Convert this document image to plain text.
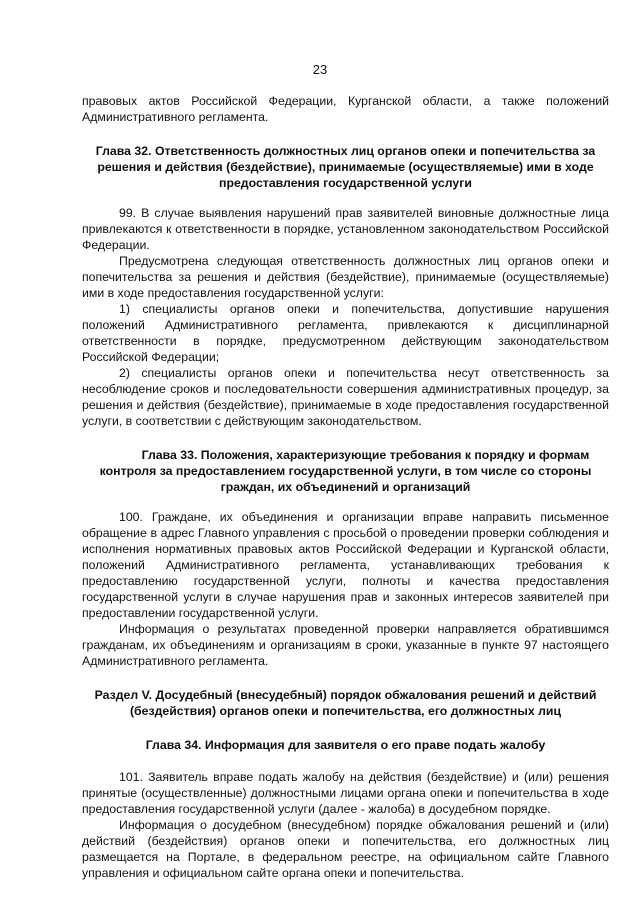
23

правовых актов Российской Федерации, Курганской области, а также положений Административного регламента.

Глава 32. Ответственность должностных лиц органов опеки и попечительства за решения и действия (бездействие), принимаемые (осуществляемые) ими в ходе предоставления государственной услуги

99. В случае выявления нарушений прав заявителей виновные должностные лица привлекаются к ответственности в порядке, установленном законодательством Российской Федерации.

Предусмотрена следующая ответственность должностных лиц органов опеки и попечительства за решения и действия (бездействие), принимаемые (осуществляемые) ими в ходе предоставления государственной услуги:

1) специалисты органов опеки и попечительства, допустившие нарушения положений Административного регламента, привлекаются к дисциплинарной ответственности в порядке, предусмотренном действующим законодательством Российской Федерации;

2) специалисты органов опеки и попечительства несут ответственность за несоблюдение сроков и последовательности совершения административных процедур, за решения и действия (бездействие), принимаемые в ходе предоставления государственной услуги, в соответствии с действующим законодательством.

Глава 33. Положения, характеризующие требования к порядку и формам контроля за предоставлением государственной услуги, в том числе со стороны граждан, их объединений и организаций

100. Граждане, их объединения и организации вправе направить письменное обращение в адрес Главного управления с просьбой о проведении проверки соблюдения и исполнения нормативных правовых актов Российской Федерации и Курганской области, положений Административного регламента, устанавливающих требования к предоставлению государственной услуги, полноты и качества предоставления государственной услуги в случае нарушения прав и законных интересов заявителей при предоставлении государственной услуги.

Информация о результатах проведенной проверки направляется обратившимся гражданам, их объединениям и организациям в сроки, указанные в пункте 97 настоящего Административного регламента.

Раздел V. Досудебный (внесудебный) порядок обжалования решений и действий (бездействия) органов опеки и попечительства, его должностных лиц
Глава 34. Информация для заявителя о его праве подать жалобу

101. Заявитель вправе подать жалобу на действия (бездействие) и (или) решения принятые (осуществленные) должностными лицами органа опеки и попечительства в ходе предоставления государственной услуги (далее - жалоба) в досудебном порядке.

Информация о досудебном (внесудебном) порядке обжалования решений и (или) действий (бездействия) органов опеки и попечительства, его должностных лиц размещается на Портале, в федеральном реестре, на официальном сайте Главного управления и официальном сайте органа опеки и попечительства.
